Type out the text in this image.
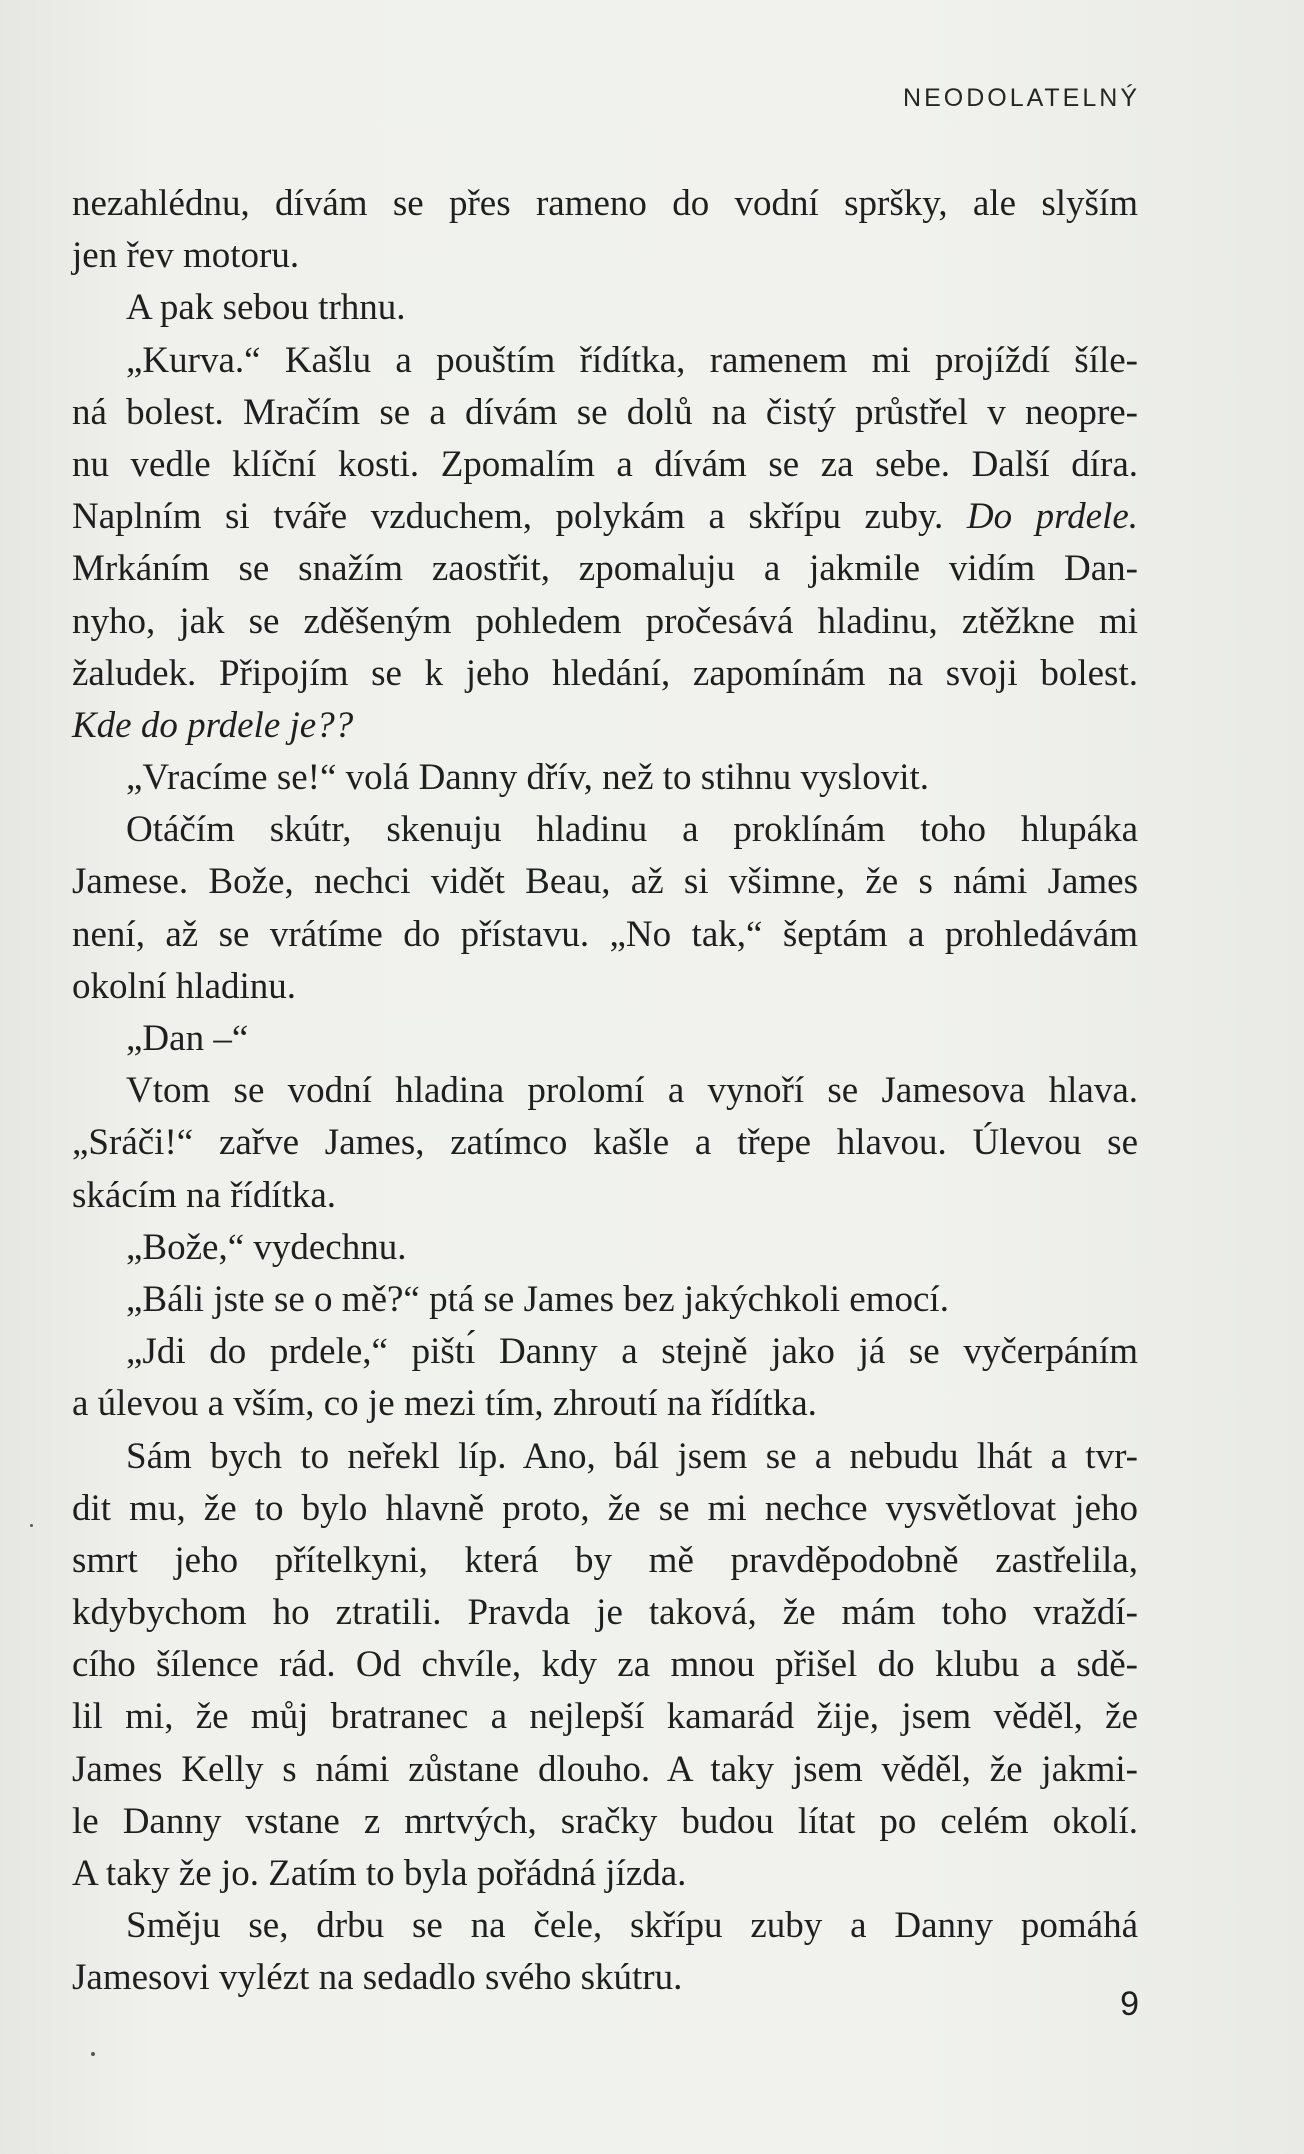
NEODOLATELNÝ
nezahlédnu, dívám se přes rameno do vodní spršky, ale slyším
jen řev motoru.
A pak sebou trhnu.
„Kurva.“ Kašlu a pouštím řídítka, ramenem mi projíždí šíle-
ná bolest. Mračím se a dívám se dolů na čistý průstřel v neopre-
nu vedle klíční kosti. Zpomalím a dívám se za sebe. Další díra.
Naplním si tváře vzduchem, polykám a skřípu zuby. Do prdele.
Mrkáním se snažím zaostřit, zpomaluju a jakmile vidím Dan-
nyho, jak se zděšeným pohledem pročesává hladinu, ztěžkne mi
žaludek. Připojím se k jeho hledání, zapomínám na svoji bolest.
Kde do prdele je??
„Vracíme se!“ volá Danny dřív, než to stihnu vyslovit.
Otáčím skútr, skenuju hladinu a proklínám toho hlupáka
Jamese. Bože, nechci vidět Beau, až si všimne, že s námi James
není, až se vrátíme do přístavu. „No tak,“ šeptám a prohledávám
okolní hladinu.
„Dan –“
Vtom se vodní hladina prolomí a vynoří se Jamesova hlava.
„Sráči!“ zařve James, zatímco kašle a třepe hlavou. Úlevou se
skácím na řídítka.
„Bože,“ vydechnu.
„Báli jste se o mě?“ ptá se James bez jakýchkoli emocí.
„Jdi do prdele,“ pištı́ Danny a stejně jako já se vyčerpáním
a úlevou a vším, co je mezi tím, zhroutí na řídítka.
Sám bych to neřekl líp. Ano, bál jsem se a nebudu lhát a tvr-
dit mu, že to bylo hlavně proto, že se mi nechce vysvětlovat jeho
smrt jeho přítelkyni, která by mě pravděpodobně zastřelila,
kdybychom ho ztratili. Pravda je taková, že mám toho vraždí-
cího šílence rád. Od chvíle, kdy za mnou přišel do klubu a sdě-
lil mi, že můj bratranec a nejlepší kamarád žije, jsem věděl, že
James Kelly s námi zůstane dlouho. A taky jsem věděl, že jakmi-
le Danny vstane z mrtvých, sračky budou lítat po celém okolí.
A taky že jo. Zatím to byla pořádná jízda.
Směju se, drbu se na čele, skřípu zuby a Danny pomáhá
Jamesovi vylézt na sedadlo svého skútru.
9
